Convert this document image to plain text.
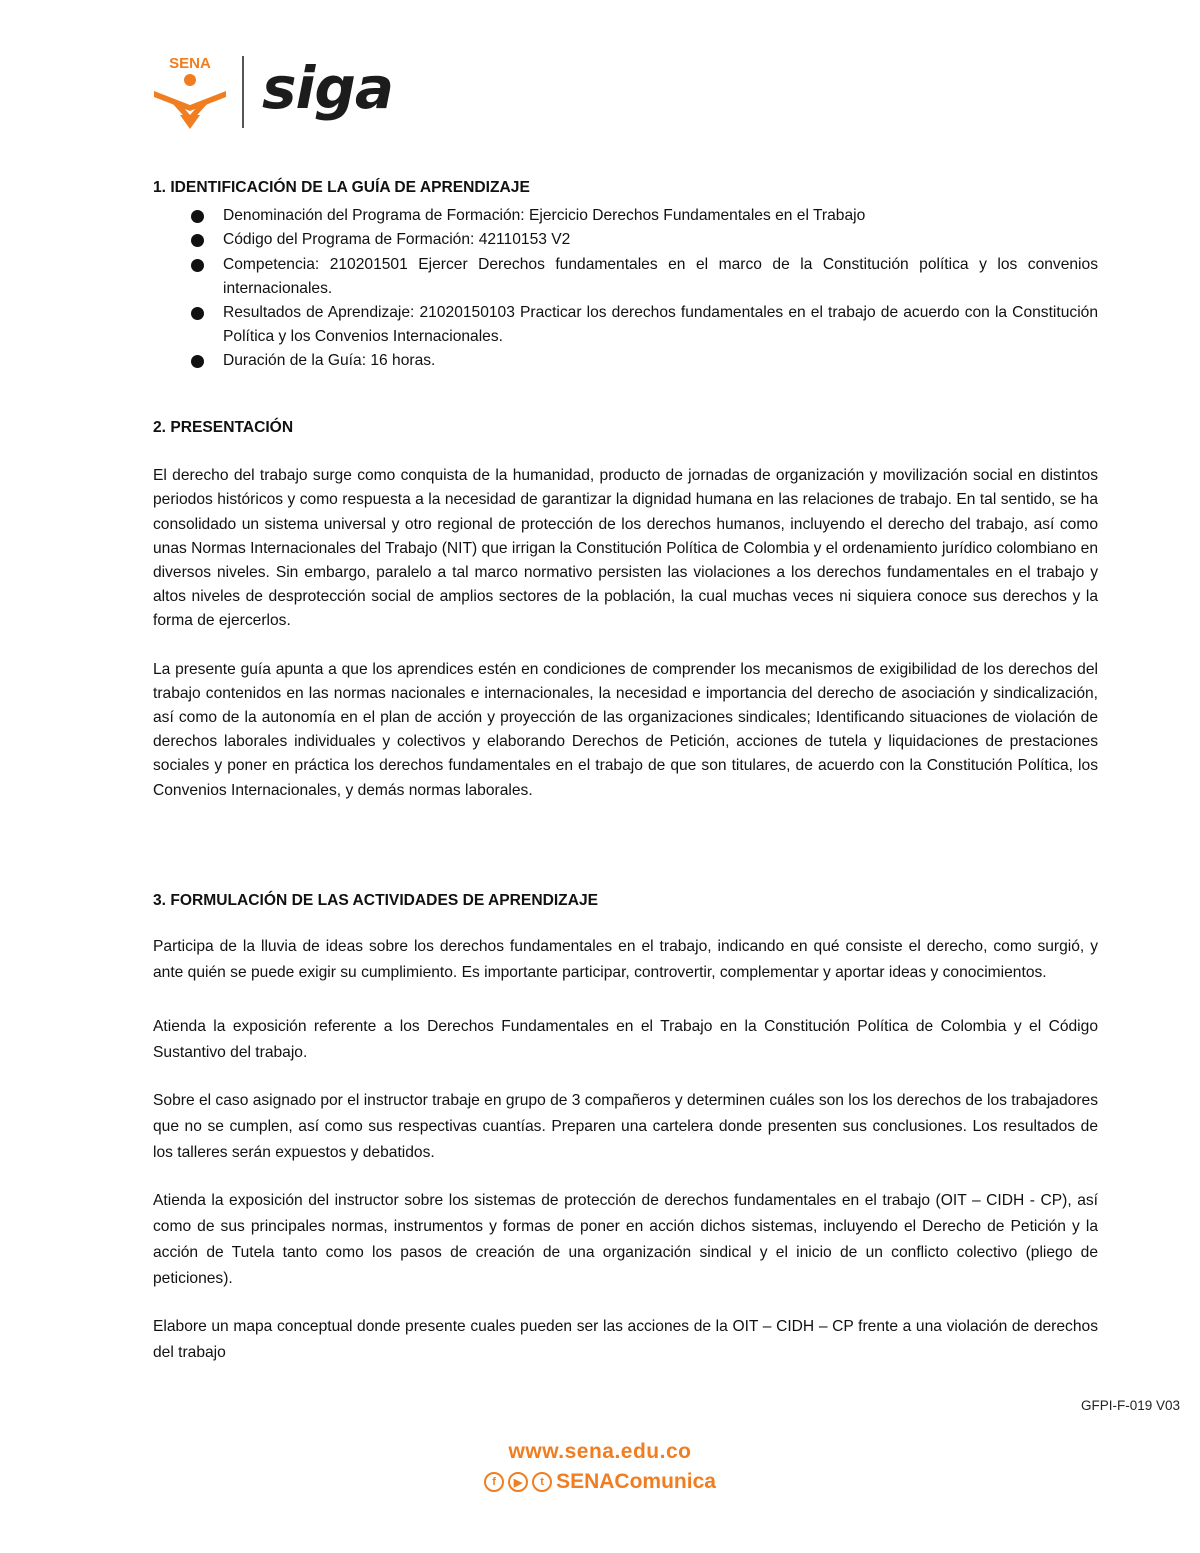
SENA siga

1. IDENTIFICACIÓN DE LA GUÍA DE APRENDIZAJE

Denominación del Programa de Formación: Ejercicio Derechos Fundamentales en el Trabajo
Código del Programa de Formación: 42110153 V2
Competencia: 210201501 Ejercer Derechos fundamentales en el marco de la Constitución política y los convenios internacionales.
Resultados de Aprendizaje: 21020150103 Practicar los derechos fundamentales en el trabajo de acuerdo con la Constitución Política y los Convenios Internacionales.
Duración de la Guía: 16 horas.

2. PRESENTACIÓN

El derecho del trabajo surge como conquista de la humanidad, producto de jornadas de organización y movilización social en distintos periodos históricos y como respuesta a la necesidad de garantizar la dignidad humana en las relaciones de trabajo. En tal sentido, se ha consolidado un sistema universal y otro regional de protección de los derechos humanos, incluyendo el derecho del trabajo, así como unas Normas Internacionales del Trabajo (NIT) que irrigan la Constitución Política de Colombia y el ordenamiento jurídico colombiano en diversos niveles. Sin embargo, paralelo a tal marco normativo persisten las violaciones a los derechos fundamentales en el trabajo y altos niveles de desprotección social de amplios sectores de la población, la cual muchas veces ni siquiera conoce sus derechos y la forma de ejercerlos.

La presente guía apunta a que los aprendices estén en condiciones de comprender los mecanismos de exigibilidad de los derechos del trabajo contenidos en las normas nacionales e internacionales, la necesidad e importancia del derecho de asociación y sindicalización, así como de la autonomía en el plan de acción y proyección de las organizaciones sindicales; Identificando situaciones de violación de derechos laborales individuales y colectivos y elaborando Derechos de Petición, acciones de tutela y liquidaciones de prestaciones sociales y poner en práctica los derechos fundamentales en el trabajo de que son titulares, de acuerdo con la Constitución Política, los Convenios Internacionales, y demás normas laborales.

3. FORMULACIÓN DE LAS ACTIVIDADES DE APRENDIZAJE

Participa de la lluvia de ideas sobre los derechos fundamentales en el trabajo, indicando en qué consiste el derecho, como surgió, y ante quién se puede exigir su cumplimiento. Es importante participar, controvertir, complementar y aportar ideas y conocimientos.

Atienda la exposición referente a los Derechos Fundamentales en el Trabajo en la Constitución Política de Colombia y el Código Sustantivo del trabajo.

Sobre el caso asignado por el instructor trabaje en grupo de 3 compañeros y determinen cuáles son los los derechos de los trabajadores que no se cumplen, así como sus respectivas cuantías. Preparen una cartelera donde presenten sus conclusiones. Los resultados de los talleres serán expuestos y debatidos.

Atienda la exposición del instructor sobre los sistemas de protección de derechos fundamentales en el trabajo (OIT – CIDH - CP), así como de sus principales normas, instrumentos y formas de poner en acción dichos sistemas, incluyendo el Derecho de Petición y la acción de Tutela tanto como los pasos de creación de una organización sindical y el inicio de un conflicto colectivo (pliego de peticiones).

Elabore un mapa conceptual donde presente cuales pueden ser las acciones de la OIT – CIDH – CP frente a una violación de derechos del trabajo

GFPI-F-019 V03
www.sena.edu.co
f	▶	t SENAComunica
